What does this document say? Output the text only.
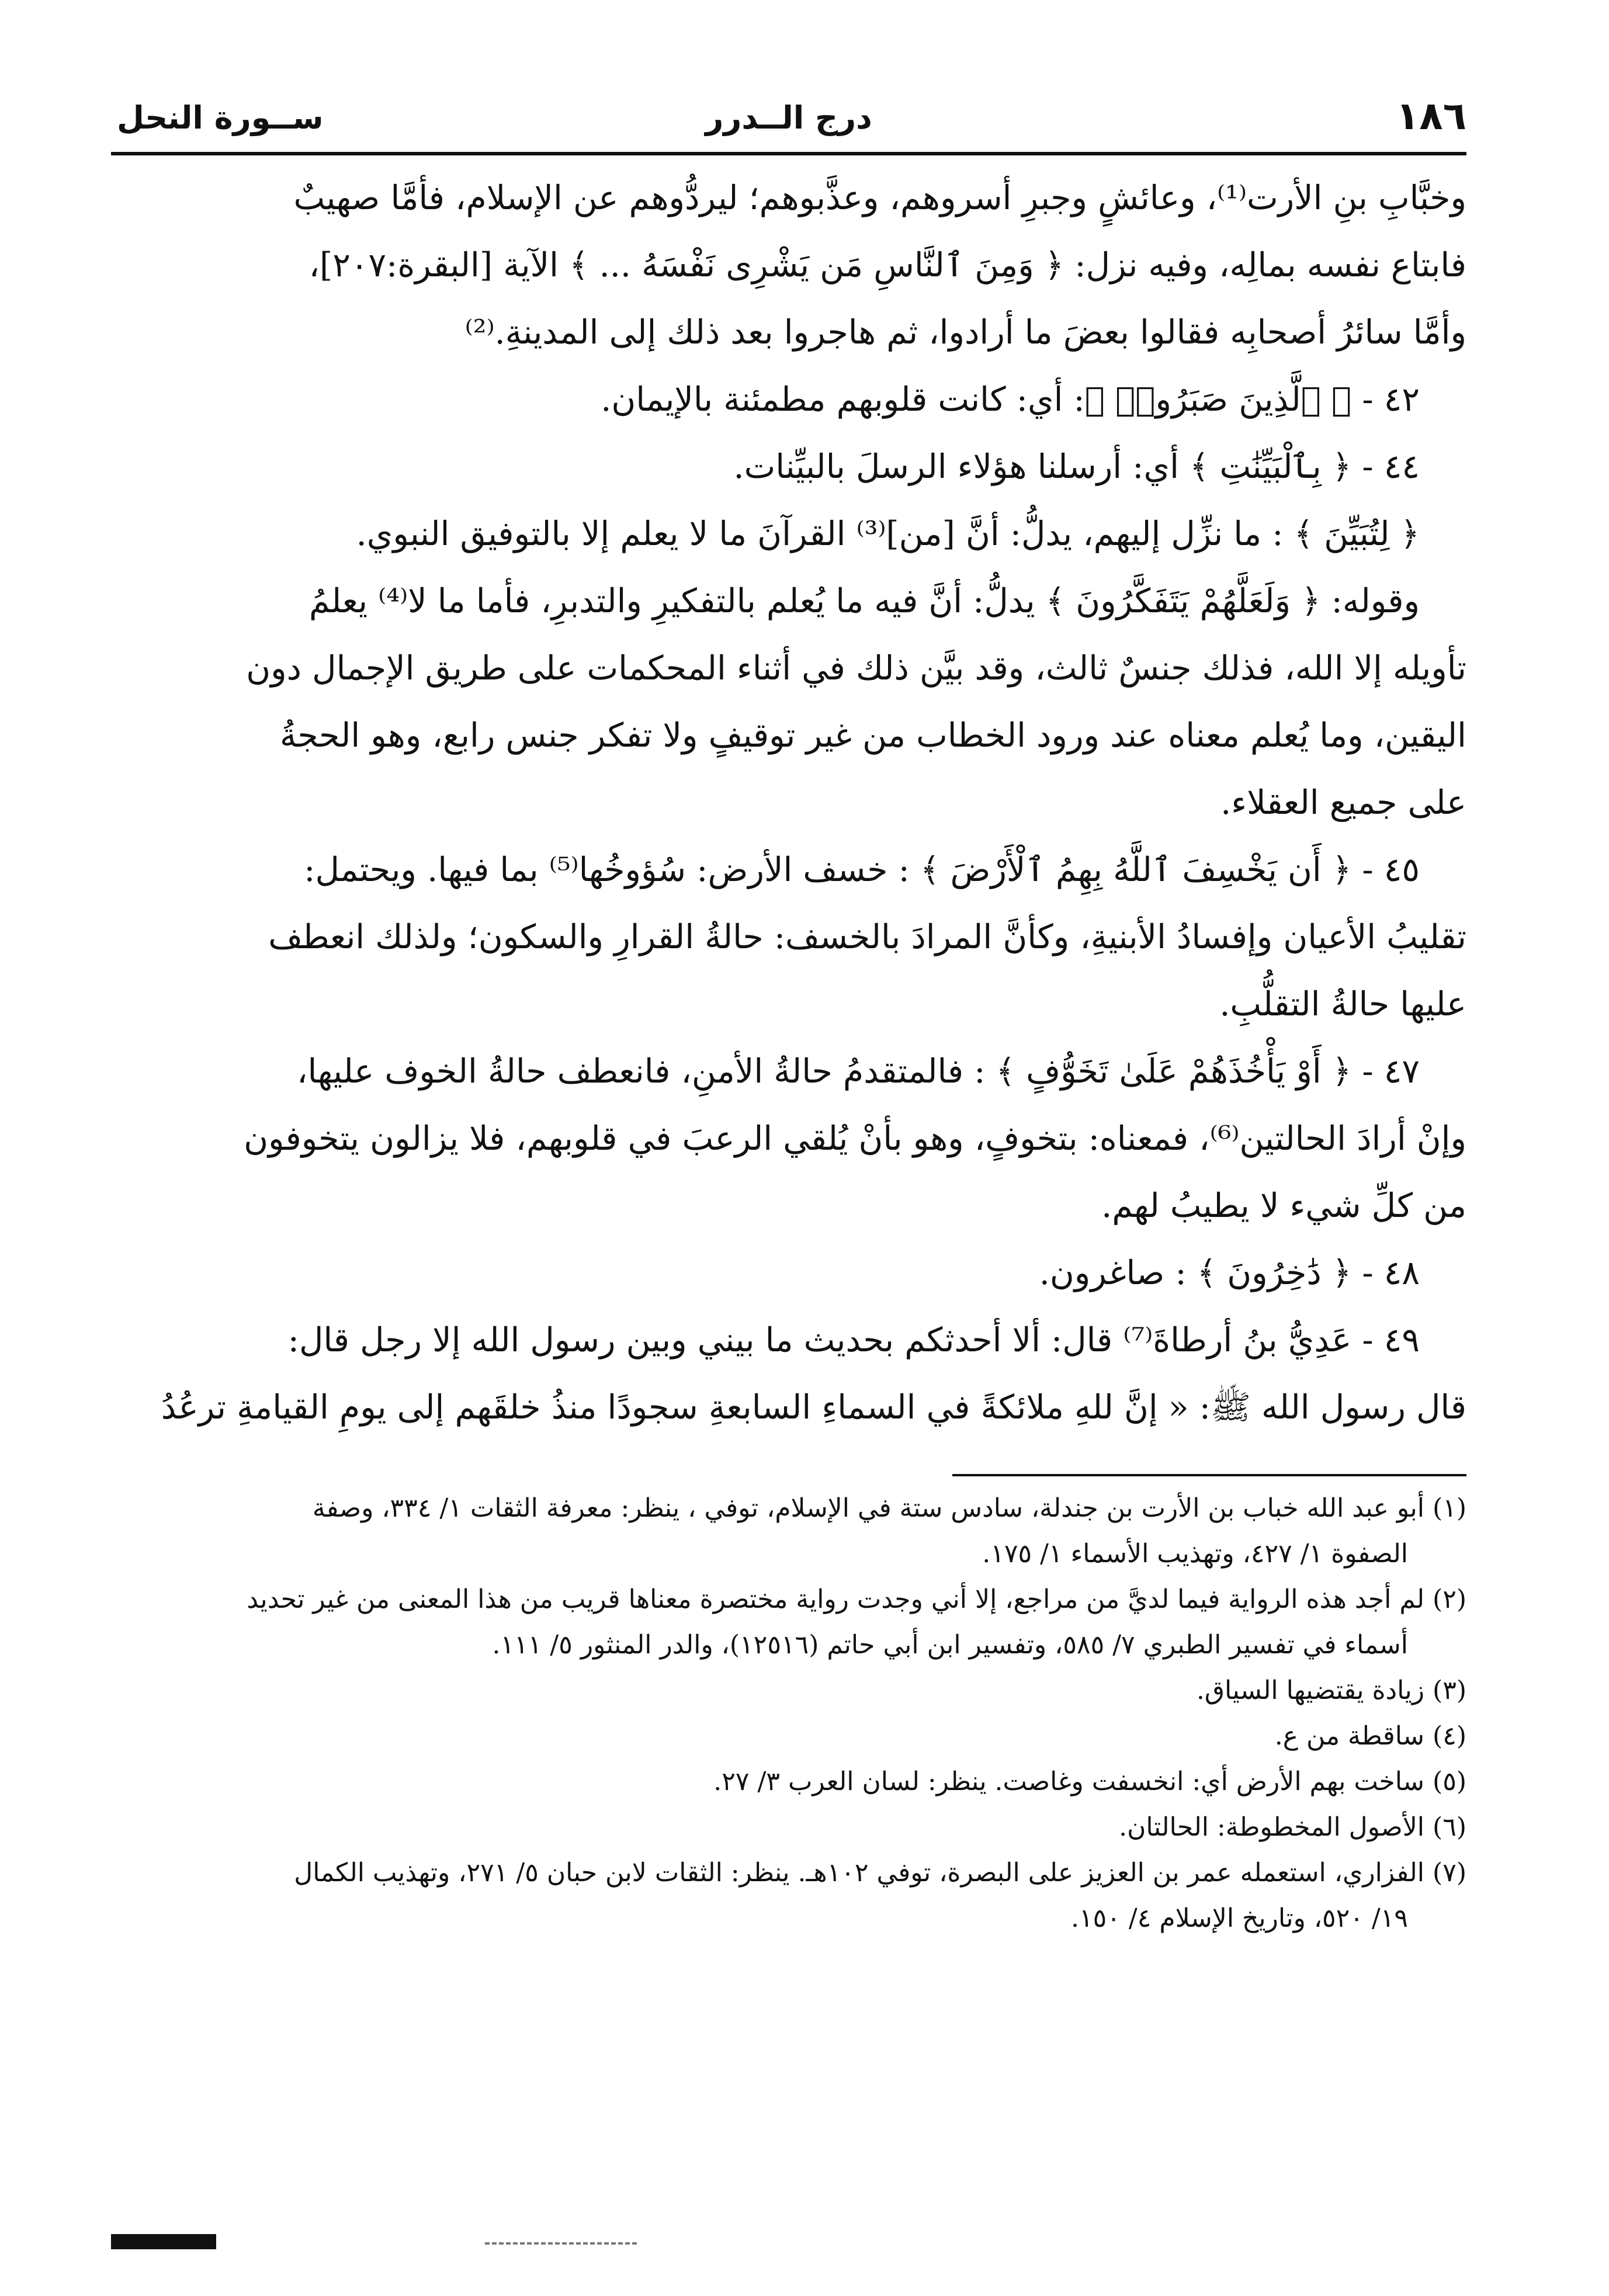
١٨٦
درج الــدرر
ســورة النحل

وخبَّابِ بنِ الأرت⁽¹⁾، وعائشٍ وجبرِ أسروهم، وعذَّبوهم؛ ليردُّوهم عن الإسلام، فأمَّا صهيبٌ

فابتاع نفسه بمالِه، وفيه نزل: ﴿ وَمِنَ ٱلنَّاسِ مَن يَشْرِى نَفْسَهُ ... ﴾ الآية [البقرة:٢٠٧]،

وأمَّا سائرُ أصحابِه فقالوا بعضَ ما أرادوا، ثم هاجروا بعد ذلك إلى المدينةِ.⁽²⁾

٤٢ - ﴿ ٱلَّذِينَ صَبَرُوا۟ ﴾: أي: كانت قلوبهم مطمئنة بالإيمان.

٤٤ - ﴿ بِٱلْبَيِّنَٰتِ ﴾ أي: أرسلنا هؤلاء الرسلَ بالبيِّنات.

﴿ لِتُبَيِّنَ ﴾ : ما نزِّل إليهم، يدلُّ: أنَّ [من]⁽³⁾ القرآنَ ما لا يعلم إلا بالتوفيق النبوي.

وقوله: ﴿ وَلَعَلَّهُمْ يَتَفَكَّرُونَ ﴾ يدلُّ: أنَّ فيه ما يُعلم بالتفكيرِ والتدبرِ، فأما ما لا⁽⁴⁾ يعلمُ

تأويله إلا الله، فذلك جنسٌ ثالث، وقد بيَّن ذلك في أثناء المحكمات على طريق الإجمال دون

اليقين، وما يُعلم معناه عند ورود الخطاب من غير توقيفٍ ولا تفكر جنس رابع، وهو الحجةُ

على جميع العقلاء.

٤٥ - ﴿ أَن يَخْسِفَ ٱللَّهُ بِهِمُ ٱلْأَرْضَ ﴾ : خسف الأرض: سُؤوخُها⁽⁵⁾ بما فيها. ويحتمل:

تقليبُ الأعيان وإفسادُ الأبنيةِ، وكأنَّ المرادَ بالخسف: حالةُ القرارِ والسكون؛ ولذلك انعطف

عليها حالةُ التقلُّبِ.

٤٧ - ﴿ أَوْ يَأْخُذَهُمْ عَلَىٰ تَخَوُّفٍ ﴾ : فالمتقدمُ حالةُ الأمنِ، فانعطف حالةُ الخوف عليها،

وإنْ أرادَ الحالتين⁽⁶⁾، فمعناه: بتخوفٍ، وهو بأنْ يُلقي الرعبَ في قلوبهم، فلا يزالون يتخوفون

من كلِّ شيء لا يطيبُ لهم.

٤٨ - ﴿ دَٰخِرُونَ ﴾ : صاغرون.

٤٩ - عَدِيُّ بنُ أرطاةَ⁽⁷⁾ قال: ألا أحدثكم بحديث ما بيني وبين رسول الله إلا رجل قال:

قال رسول الله ﷺ: « إنَّ للهِ ملائكةً في السماءِ السابعةِ سجودًا منذُ خلقَهم إلى يومِ القيامةِ ترعُدُ

(١) أبو عبد الله خباب بن الأرت بن جندلة، سادس ستة في الإسلام، توفي ، ينظر: معرفة الثقات ١/ ٣٣٤، وصفة

الصفوة ١/ ٤٢٧، وتهذيب الأسماء ١/ ١٧٥.

(٢) لم أجد هذه الرواية فيما لديَّ من مراجع، إلا أني وجدت رواية مختصرة معناها قريب من هذا المعنى من غير تحديد

أسماء في تفسير الطبري ٧/ ٥٨٥، وتفسير ابن أبي حاتم (١٢٥١٦)، والدر المنثور ٥/ ١١١.

(٣) زيادة يقتضيها السياق.

(٤) ساقطة من ع.

(٥) ساخت بهم الأرض أي: انخسفت وغاصت. ينظر: لسان العرب ٣/ ٢٧.

(٦) الأصول المخطوطة: الحالتان.

(٧) الفزاري، استعمله عمر بن العزيز على البصرة، توفي ١٠٢هـ. ينظر: الثقات لابن حبان ٥/ ٢٧١، وتهذيب الكمال

١٩/ ٥٢٠، وتاريخ الإسلام ٤/ ١٥٠.
